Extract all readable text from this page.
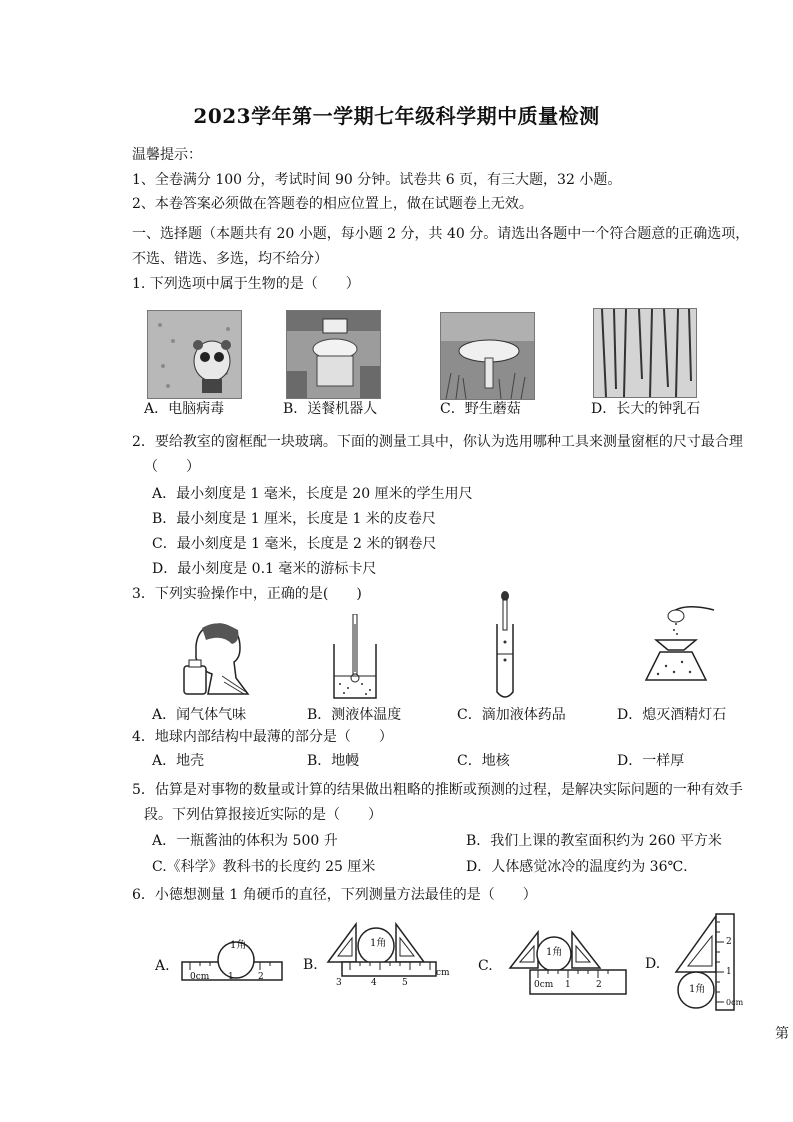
2023学年第一学期七年级科学期中质量检测
温馨提示：
1、全卷满分 100 分，考试时间 90 分钟。试卷共 6 页，有三大题，32 小题。
2、本卷答案必须做在答题卷的相应位置上，做在试题卷上无效。
一、选择题（本题共有 20 小题，每小题 2 分，共 40 分。请选出各题中一个符合题意的正确选项，
不选、错选、多选，均不给分）
1. 下列选项中属于生物的是（　　）
A．电脑病毒	B．送餐机器人	C．野生蘑菇	D．长大的钟乳石
2．要给教室的窗框配一块玻璃。下面的测量工具中，你认为选用哪种工具来测量窗框的尺寸最合理
（　　）
A．最小刻度是 1 毫米，长度是 20 厘米的学生用尺
B．最小刻度是 1 厘米，长度是 1 米的皮卷尺
C．最小刻度是 1 毫米，长度是 2 米的钢卷尺
D．最小刻度是 0.1 毫米的游标卡尺
3．下列实验操作中，正确的是(　　)
A．闻气体气味	B．测液体温度	C．滴加液体药品	D．熄灭酒精灯石
4．地球内部结构中最薄的部分是（　　）
A．地壳	B．地幔	C．地核	D．一样厚
5．估算是对事物的数量或计算的结果做出粗略的推断或预测的过程，是解决实际问题的一种有效手
段。下列估算报接近实际的是（　　）
A．一瓶酱油的体积为 500 升	B．我们上课的教室面积约为 260 平方米
C.《科学》教科书的长度约 25 厘米	D．人体感觉冰冷的温度约为 36℃.
6．小德想测量 1 角硬币的直径，下列测量方法最佳的是（　　）
A.	B.	C.	D.
1角
0cm 1	2
1角
3	4	5
cm
1角
0cm 1	2	1角
0cm
1
2
第
